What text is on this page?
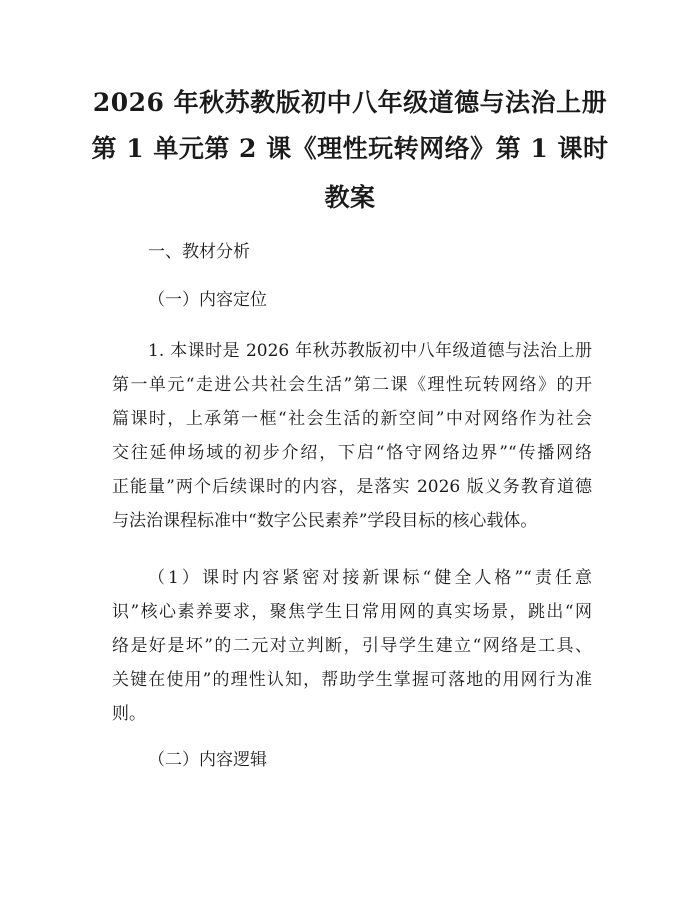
2026 年秋苏教版初中八年级道德与法治上册
第 1 单元第 2 课《理性玩转网络》第 1 课时
教案
一、教材分析
（一）内容定位
1. 本课时是 2026 年秋苏教版初中八年级道德与法治上册
第一单元“走进公共社会生活”第二课《理性玩转网络》的开
篇课时，上承第一框“社会生活的新空间”中对网络作为社会
交往延伸场域的初步介绍，下启“恪守网络边界”“传播网络
正能量”两个后续课时的内容，是落实 2026 版义务教育道德
与法治课程标准中“数字公民素养”学段目标的核心载体。
（1）课时内容紧密对接新课标“健全人格”“责任意
识”核心素养要求，聚焦学生日常用网的真实场景，跳出“网
络是好是坏”的二元对立判断，引导学生建立“网络是工具、
关键在使用”的理性认知，帮助学生掌握可落地的用网行为准
则。
（二）内容逻辑
